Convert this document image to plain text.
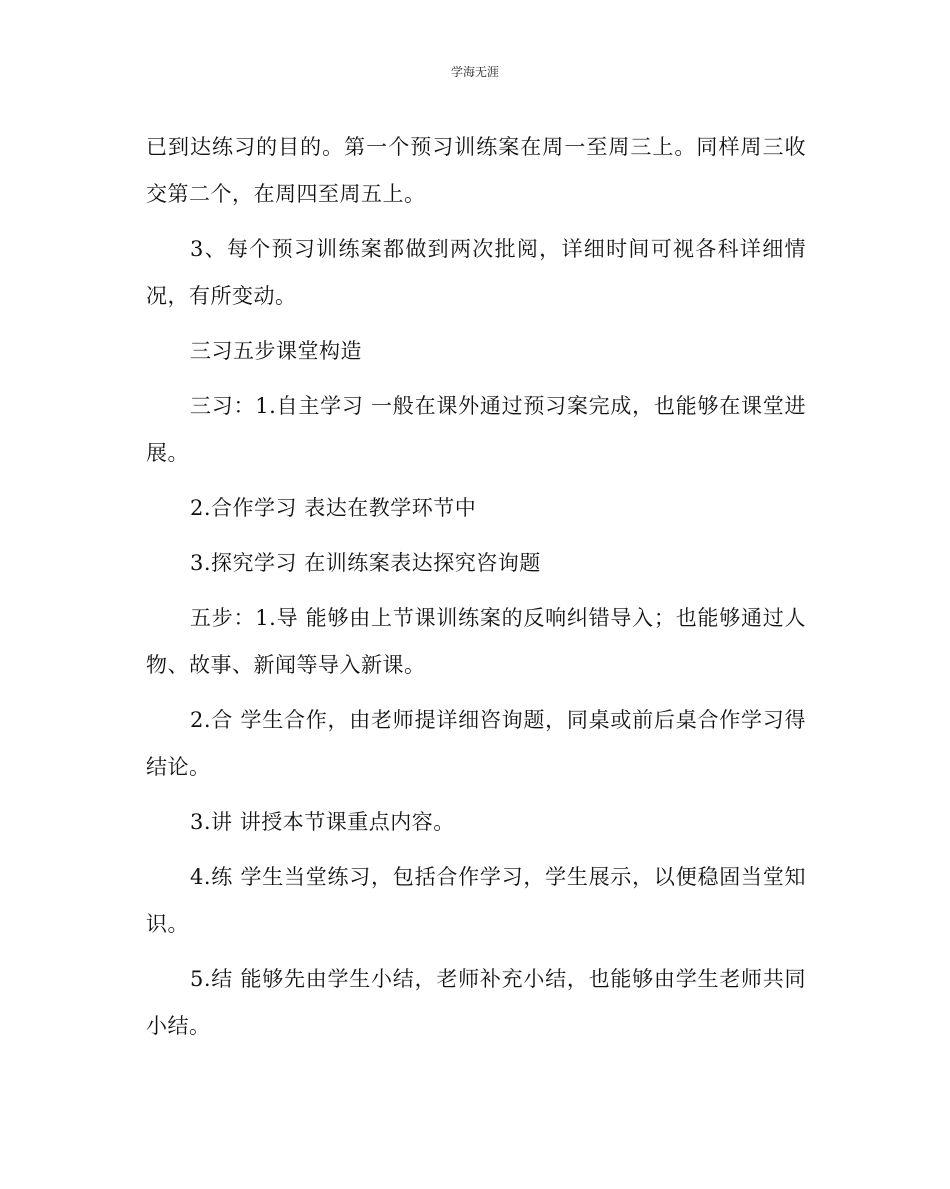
学海无涯

已到达练习的目的。第一个预习训练案在周一至周三上。同样周三收交第二个，在周四至周五上。

3、每个预习训练案都做到两次批阅，详细时间可视各科详细情况，有所变动。

三习五步课堂构造

三习：1.自主学习 一般在课外通过预习案完成，也能够在课堂进展。

2.合作学习 表达在教学环节中

3.探究学习 在训练案表达探究咨询题

五步：1.导 能够由上节课训练案的反响纠错导入；也能够通过人物、故事、新闻等导入新课。

2.合 学生合作，由老师提详细咨询题，同桌或前后桌合作学习得结论。

3.讲 讲授本节课重点内容。

4.练 学生当堂练习，包括合作学习，学生展示，以便稳固当堂知识。

5.结 能够先由学生小结，老师补充小结，也能够由学生老师共同小结。
